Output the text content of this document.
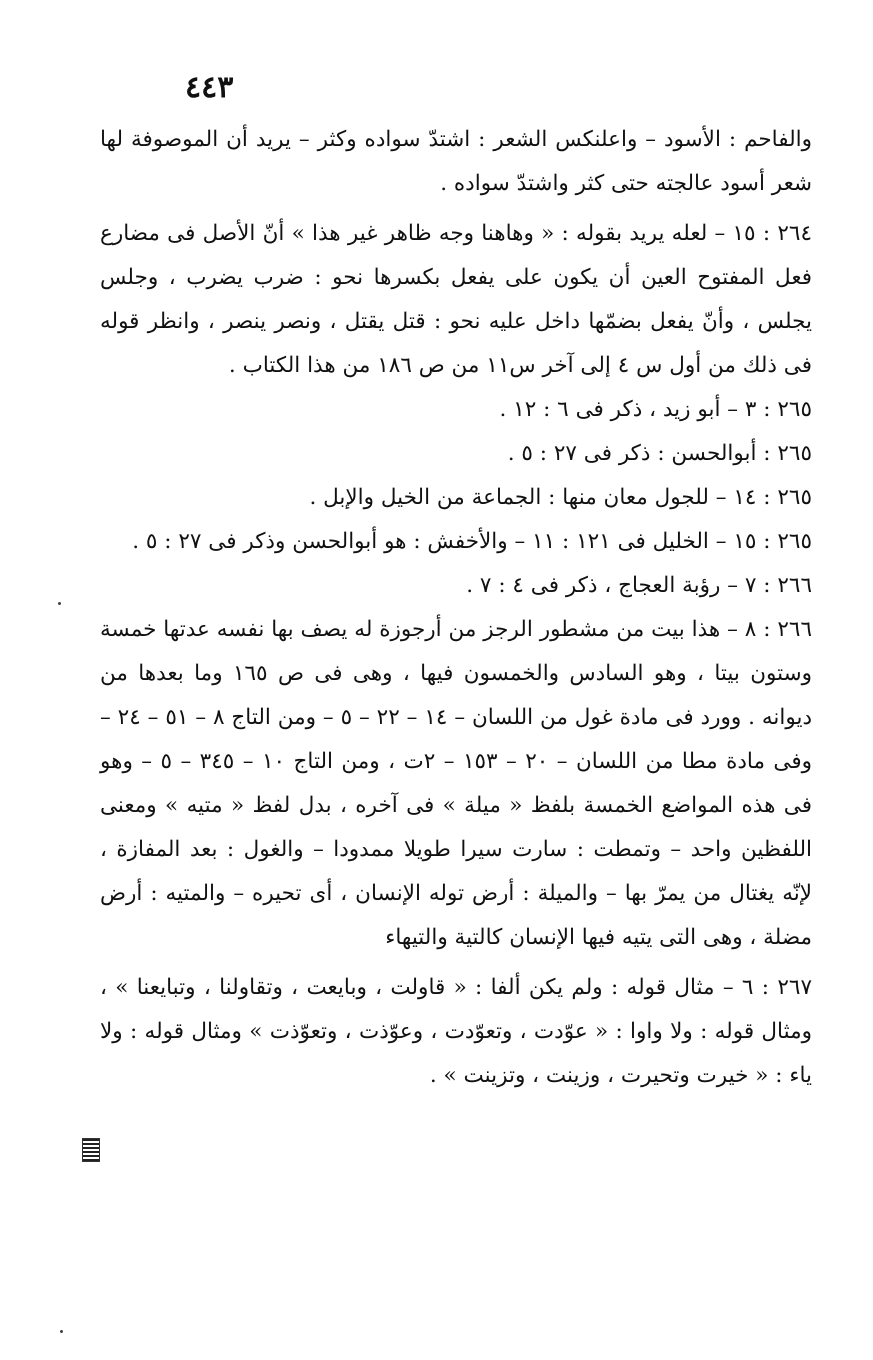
٤٤٣

والفاحم : الأسود – واعلنكس الشعر : اشتدّ سواده وكثر – يريد أن الموصوفة لها شعر أسود عالجته حتى كثر واشتدّ سواده .

٢٦٤ : ١٥ – لعله يريد بقوله : « وهاهنا وجه ظاهر غير هذا » أنّ الأصل فى مضارع فعل المفتوح العين أن يكون على يفعل بكسرها نحو : ضرب يضرب ، وجلس يجلس ، وأنّ يفعل بضمّها داخل عليه نحو : قتل يقتل ، ونصر ينصر ، وانظر قوله فى ذلك من أول س ٤ إلى آخر س١١ من ص ١٨٦ من هذا الكتاب .

٢٦٥ : ٣ – أبو زيد ، ذكر فى ٦ : ١٢ .

٢٦٥ : أبوالحسن : ذكر فى ٢٧ : ٥ .

٢٦٥ : ١٤ – للجول معان منها : الجماعة من الخيل والإبل .

٢٦٥ : ١٥ – الخليل فى ١٢١ : ١١ – والأخفش : هو أبوالحسن وذكر فى ٢٧ : ٥ .

٢٦٦ : ٧ – رؤبة العجاج ، ذكر فى ٤ : ٧ .

٢٦٦ : ٨ – هذا بيت من مشطور الرجز من أرجوزة له يصف بها نفسه عدتها خمسة وستون بيتا ، وهو السادس والخمسون فيها ، وهى فى ص ١٦٥ وما بعدها من ديوانه . وورد فى مادة غول من اللسان – ١٤ – ٢٢ – ٥ – ومن التاج ٨ – ٥١ – ٢٤ – وفى مادة مطا من اللسان – ٢٠ – ١٥٣ – ٢ت ، ومن التاج ١٠ – ٣٤٥ – ٥ – وهو فى هذه المواضع الخمسة بلفظ « ميلة » فى آخره ، بدل لفظ « متيه » ومعنى اللفظين واحد – وتمطت : سارت سيرا طويلا ممدودا – والغول : بعد المفازة ، لإنّه يغتال من يمرّ بها – والميلة : أرض توله الإنسان ، أى تحيره – والمتيه : أرض مضلة ، وهى التى يتيه فيها الإنسان كالتية والتيهاء

٢٦٧ : ٦ – مثال قوله : ولم يكن ألفا : « قاولت ، وبايعت ، وتقاولنا ، وتبايعنا » ، ومثال قوله : ولا واوا : « عوّدت ، وتعوّدت ، وعوّذت ، وتعوّذت » ومثال قوله : ولا ياء : « خيرت وتحيرت ، وزينت ، وتزينت » .
